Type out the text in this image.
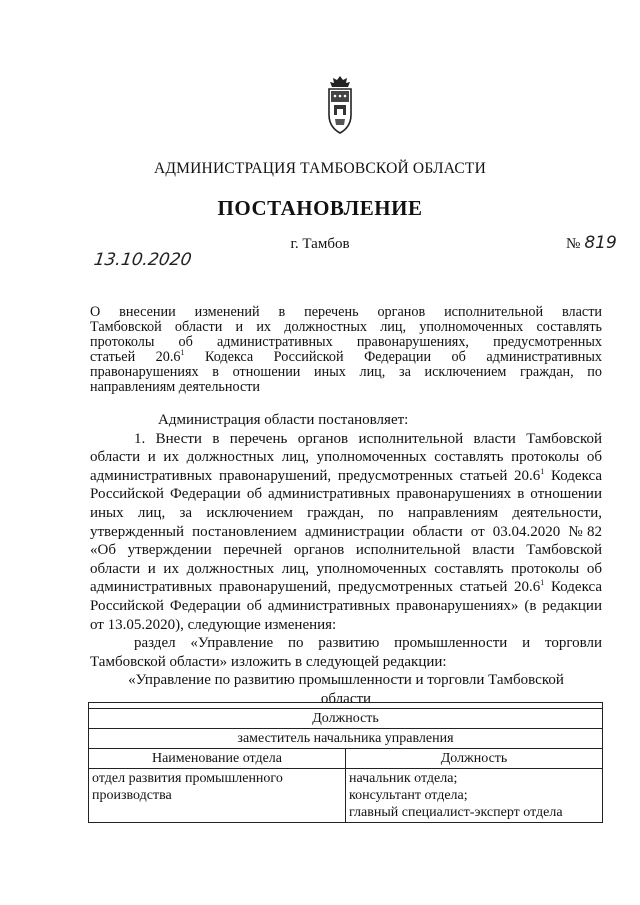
АДМИНИСТРАЦИЯ ТАМБОВСКОЙ ОБЛАСТИ
ПОСТАНОВЛЕНИЕ
13.10.2020
г. Тамбов	№ 819
О внесении изменений в перечень органов исполнительной власти
Тамбовской области и их должностных лиц, уполномоченных составлять
протоколы об административных правонарушениях, предусмотренных
статьей 20.6$^1$ Кодекса Российской Федерации об административных
правонарушениях в отношении иных лиц, за исключением граждан, по
направлениям деятельности
Администрация области постановляет:
1. Внести в перечень органов исполнительной власти Тамбовской
области и их должностных лиц, уполномоченных составлять протоколы об
административных правонарушений, предусмотренных статьей 20.6$^1$ Кодекса
Российской Федерации об административных правонарушениях в отношении
иных лиц, за исключением граждан, по направлениям деятельности,
утвержденный постановлением администрации области от 03.04.2020 №82
«Об утверждении перечней органов исполнительной власти Тамбовской
области и их должностных лиц, уполномоченных составлять протоколы об
административных правонарушений, предусмотренных статьей 20.6$^1$ Кодекса
Российской Федерации об административных правонарушениях» (в редакции
от 13.05.2020), следующие изменения:
раздел «Управление по развитию промышленности и торговли
Тамбовской области» изложить в следующей редакции:
«Управление по развитию промышленности и торговли Тамбовской
области

Должность	
заместитель начальника управления	
Наименование отдела	Должность
отдел развития промышленного производства	начальник отдела;
консультант отдела;
главный специалист-эксперт отдела
